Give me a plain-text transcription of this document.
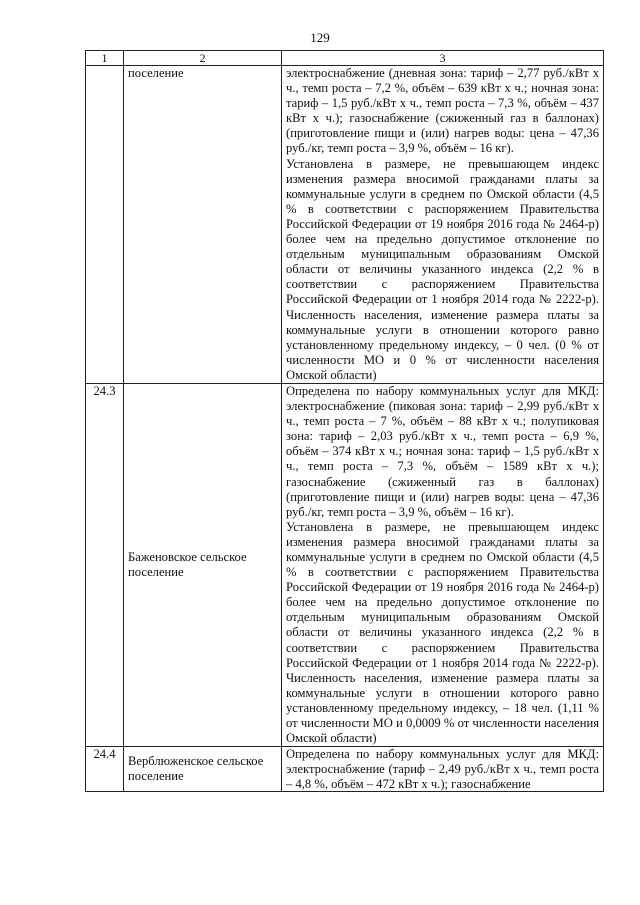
129
1	2	3
	поселение	электроснабжение (дневная зона: тариф – 2,77 руб./кВт х ч., темп роста – 7,2 %, объём – 639 кВт х ч.; ночная зона: тариф – 1,5 руб./кВт х ч., темп роста – 7,3 %, объём – 437 кВт х ч.); газоснабжение (сжиженный газ в баллонах) (приготовление пищи и (или) нагрев воды: цена – 47,36 руб./кг, темп роста – 3,9 %, объём – 16 кг).
Установлена в размере, не превышающем индекс изменения размера вносимой гражданами платы за коммунальные услуги в среднем по Омской области (4,5 % в соответствии с распоряжением Правительства Российской Федерации от 19 ноября 2016 года № 2464-р) более чем на предельно допустимое отклонение по отдельным муниципальным образованиям Омской области от величины указанного индекса (2,2 % в соответствии с распоряжением Правительства Российской Федерации от 1 ноября 2014 года № 2222-р). Численность населения, изменение размера платы за коммунальные услуги в отношении которого равно установленному предельному индексу, – 0 чел. (0 % от численности МО и 0 % от численности населения Омской области)

24.3	Баженовское сельское поселение	Определена по набору коммунальных услуг для МКД: электроснабжение (пиковая зона: тариф – 2,99 руб./кВт х ч., темп роста – 7 %, объём – 88 кВт х ч.; полупиковая зона: тариф – 2,03 руб./кВт х ч., темп роста – 6,9 %, объём – 374 кВт х ч.; ночная зона: тариф – 1,5 руб./кВт х ч., темп роста – 7,3 %, объём – 1589 кВт х ч.); газоснабжение (сжиженный газ в баллонах) (приготовление пищи и (или) нагрев воды: цена – 47,36 руб./кг, темп роста – 3,9 %, объём – 16 кг).
Установлена в размере, не превышающем индекс изменения размера вносимой гражданами платы за коммунальные услуги в среднем по Омской области (4,5 % в соответствии с распоряжением Правительства Российской Федерации от 19 ноября 2016 года № 2464-р) более чем на предельно допустимое отклонение по отдельным муниципальным образованиям Омской области от величины указанного индекса (2,2 % в соответствии с распоряжением Правительства Российской Федерации от 1 ноября 2014 года № 2222-р). Численность населения, изменение размера платы за коммунальные услуги в отношении которого равно установленному предельному индексу, – 18 чел. (1,11 % от численности МО и 0,0009 % от численности населения Омской области)

24.4	Верблюженское сельское поселение	Определена по набору коммунальных услуг для МКД: электроснабжение (тариф – 2,49 руб./кВт х ч., темп роста – 4,8 %, объём – 472 кВт х ч.); газоснабжение
